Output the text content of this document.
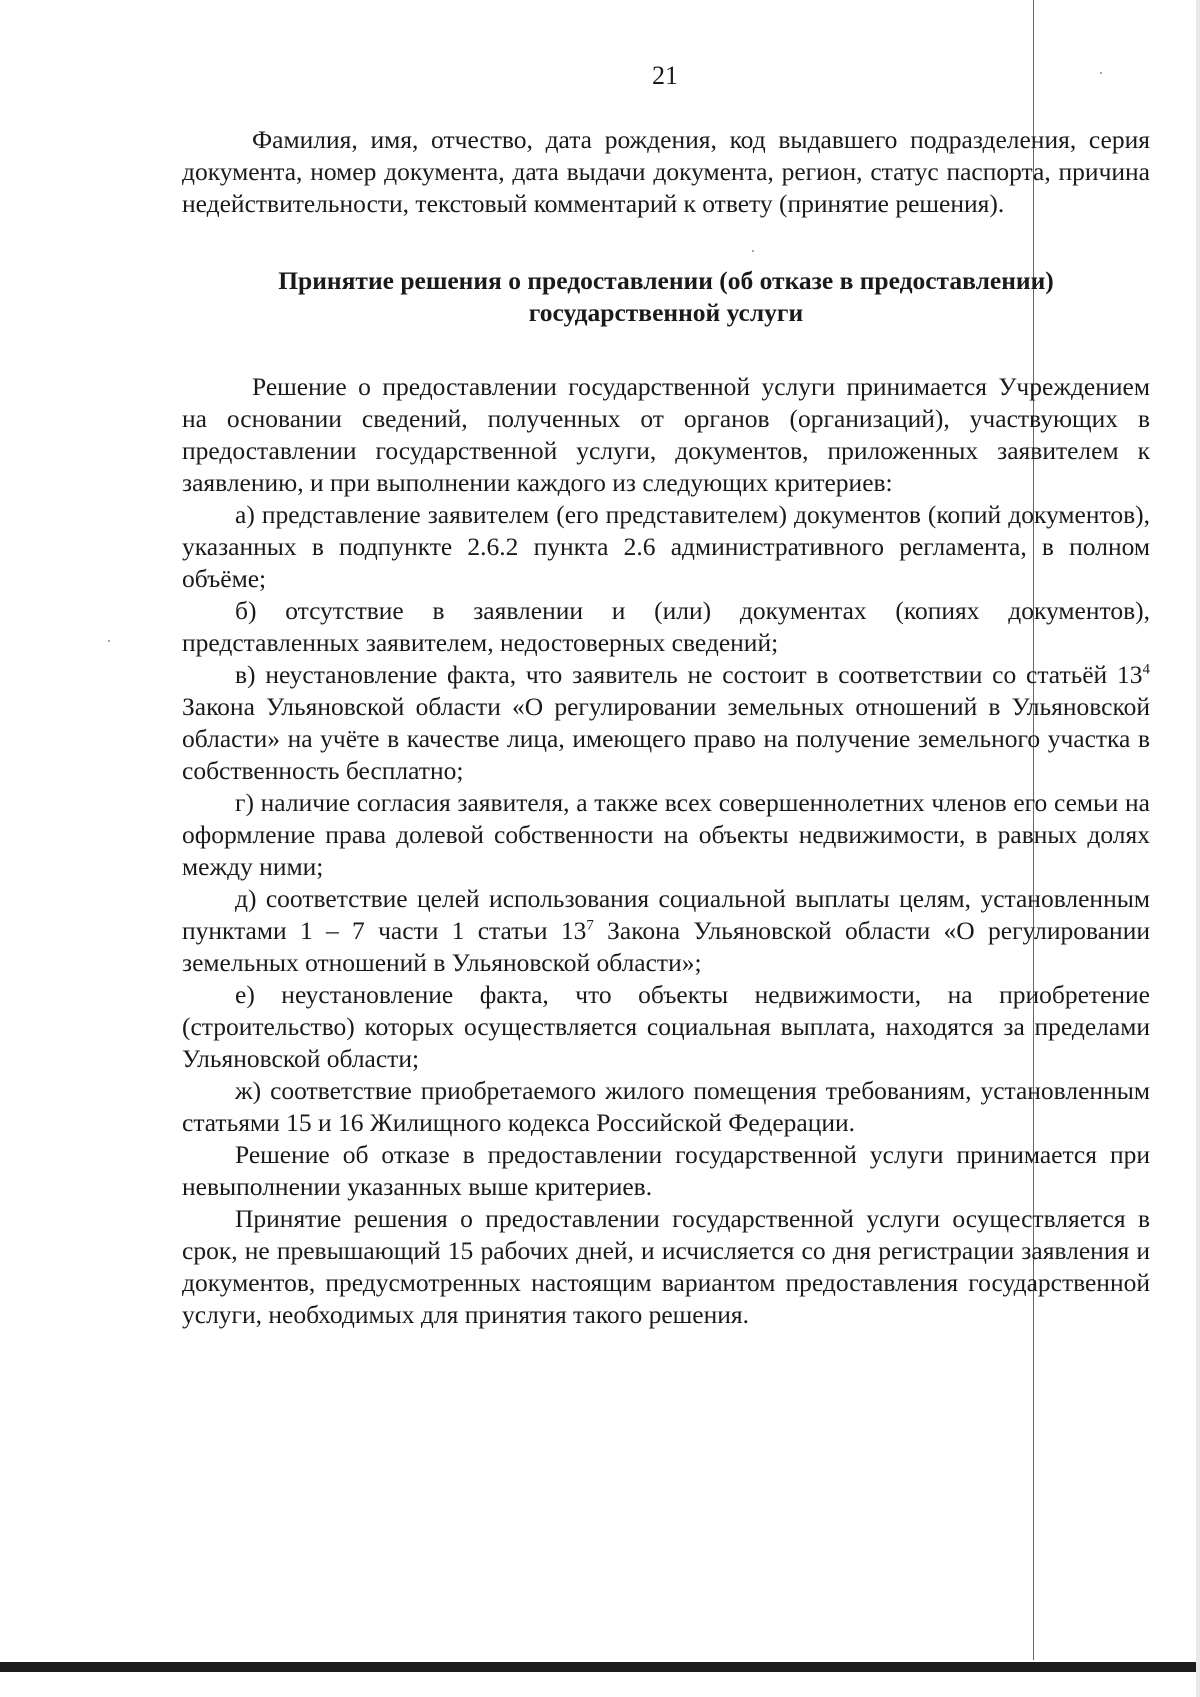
21

Фамилия, имя, отчество, дата рождения, код выдавшего подразделения, серия документа, номер документа, дата выдачи документа, регион, статус паспорта, причина недействительности, текстовый комментарий к ответу (принятие решения).

Принятие решения о предоставлении (об отказе в предоставлении)
государственной услуги

Решение о предоставлении государственной услуги принимается Учреждением на основании сведений, полученных от органов (организаций), участвующих в предоставлении государственной услуги, документов, приложенных заявителем к заявлению, и при выполнении каждого из следующих критериев:

а) представление заявителем (его представителем) документов (копий документов), указанных в подпункте 2.6.2 пункта 2.6 административного регламента, в полном объёме;

б) отсутствие в заявлении и (или) документах (копиях документов), представленных заявителем, недостоверных сведений;

в) неустановление факта, что заявитель не состоит в соответствии со статьёй $13^4$ Закона Ульяновской области «О регулировании земельных отношений в Ульяновской области» на учёте в качестве лица, имеющего право на получение земельного участка в собственность бесплатно;

г) наличие согласия заявителя, а также всех совершеннолетних членов его семьи на оформление права долевой собственности на объекты недвижимости, в равных долях между ними;

д) соответствие целей использования социальной выплаты целям, установленным пунктами 1 – 7 части 1 статьи $13^7$ Закона Ульяновской области «О регулировании земельных отношений в Ульяновской области»;

е) неустановление факта, что объекты недвижимости, на приобретение (строительство) которых осуществляется социальная выплата, находятся за пределами Ульяновской области;

ж) соответствие приобретаемого жилого помещения требованиям, установленным статьями 15 и 16 Жилищного кодекса Российской Федерации.

Решение об отказе в предоставлении государственной услуги принимается при невыполнении указанных выше критериев.

Принятие решения о предоставлении государственной услуги осуществляется в срок, не превышающий 15 рабочих дней, и исчисляется со дня регистрации заявления и документов, предусмотренных настоящим вариантом предоставления государственной услуги, необходимых для принятия такого решения.
